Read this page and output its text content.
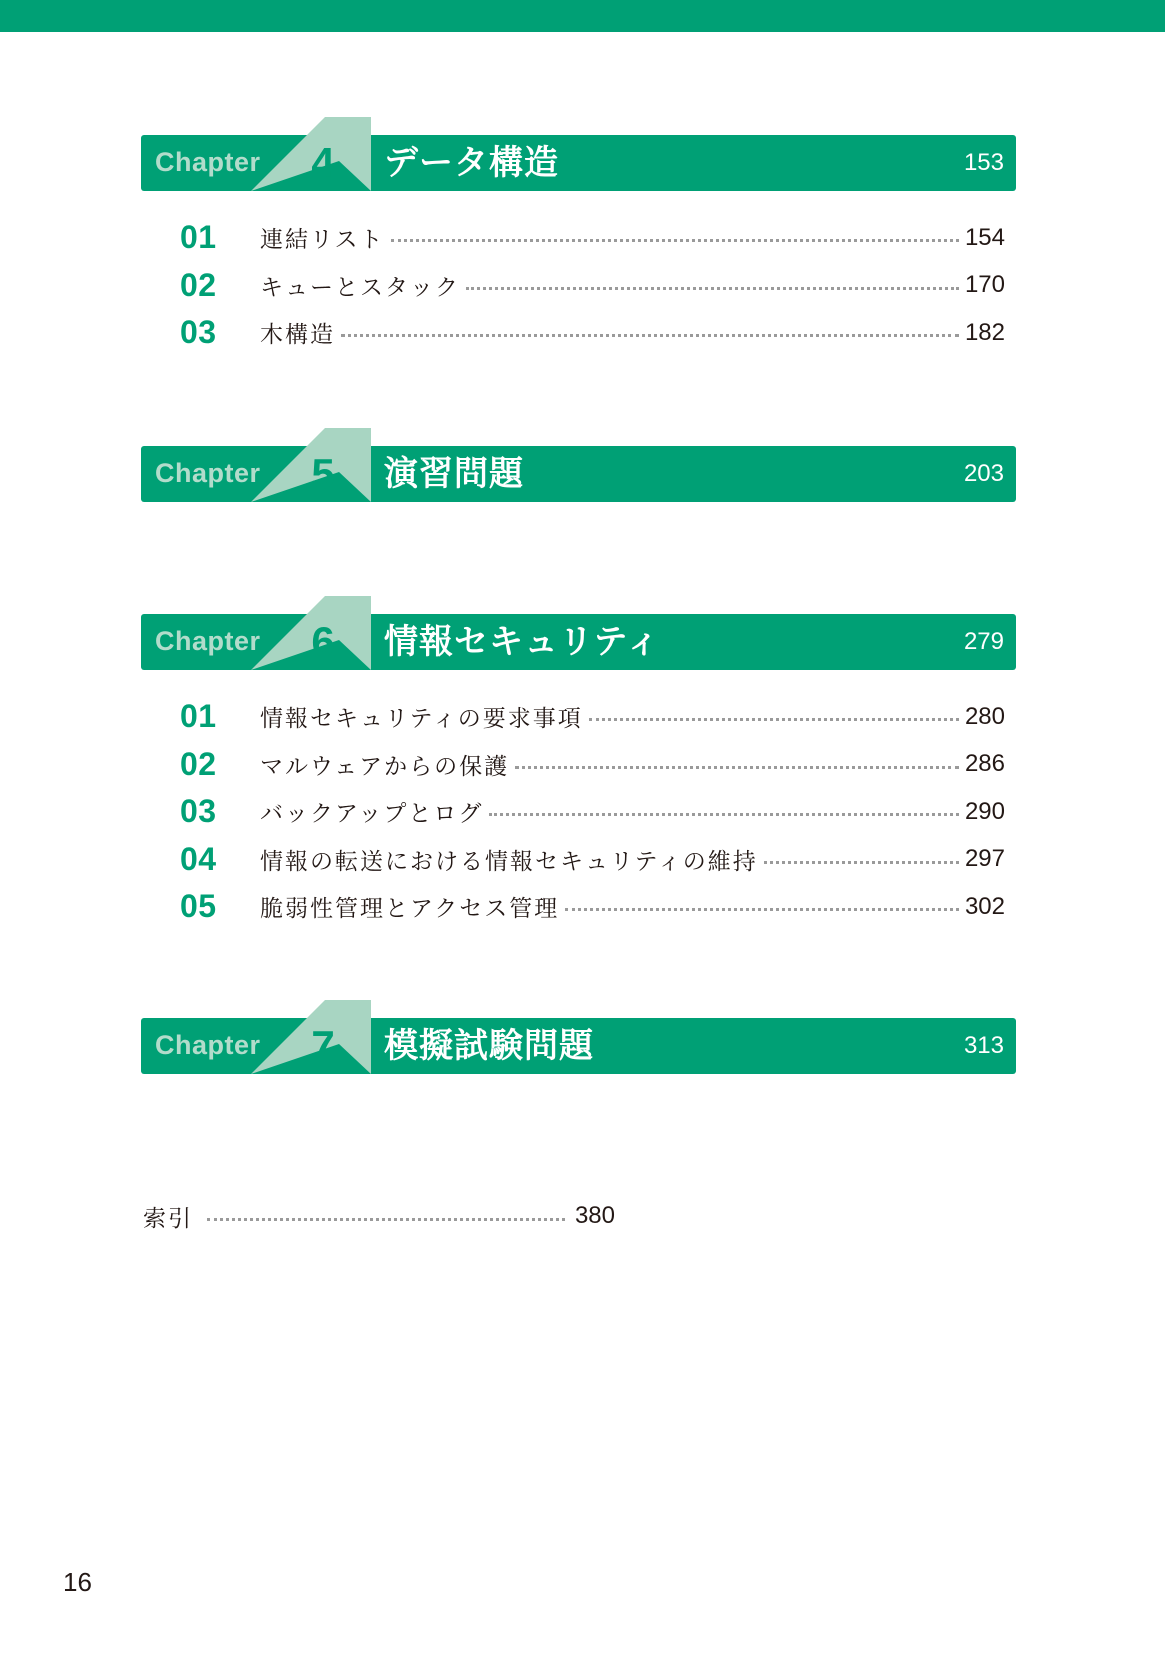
Chapter 4	データ構造	153
01	連結リスト	154
02	キューとスタック	170
03	木構造	182
Chapter 5	演習問題	203
Chapter 6	情報セキュリティ	279
01	情報セキュリティの要求事項	280
02	マルウェアからの保護	286
03	バックアップとログ	290
04	情報の転送における情報セキュリティの維持	297
05	脆弱性管理とアクセス管理	302
Chapter 7	模擬試験問題	313
索引	380
16
